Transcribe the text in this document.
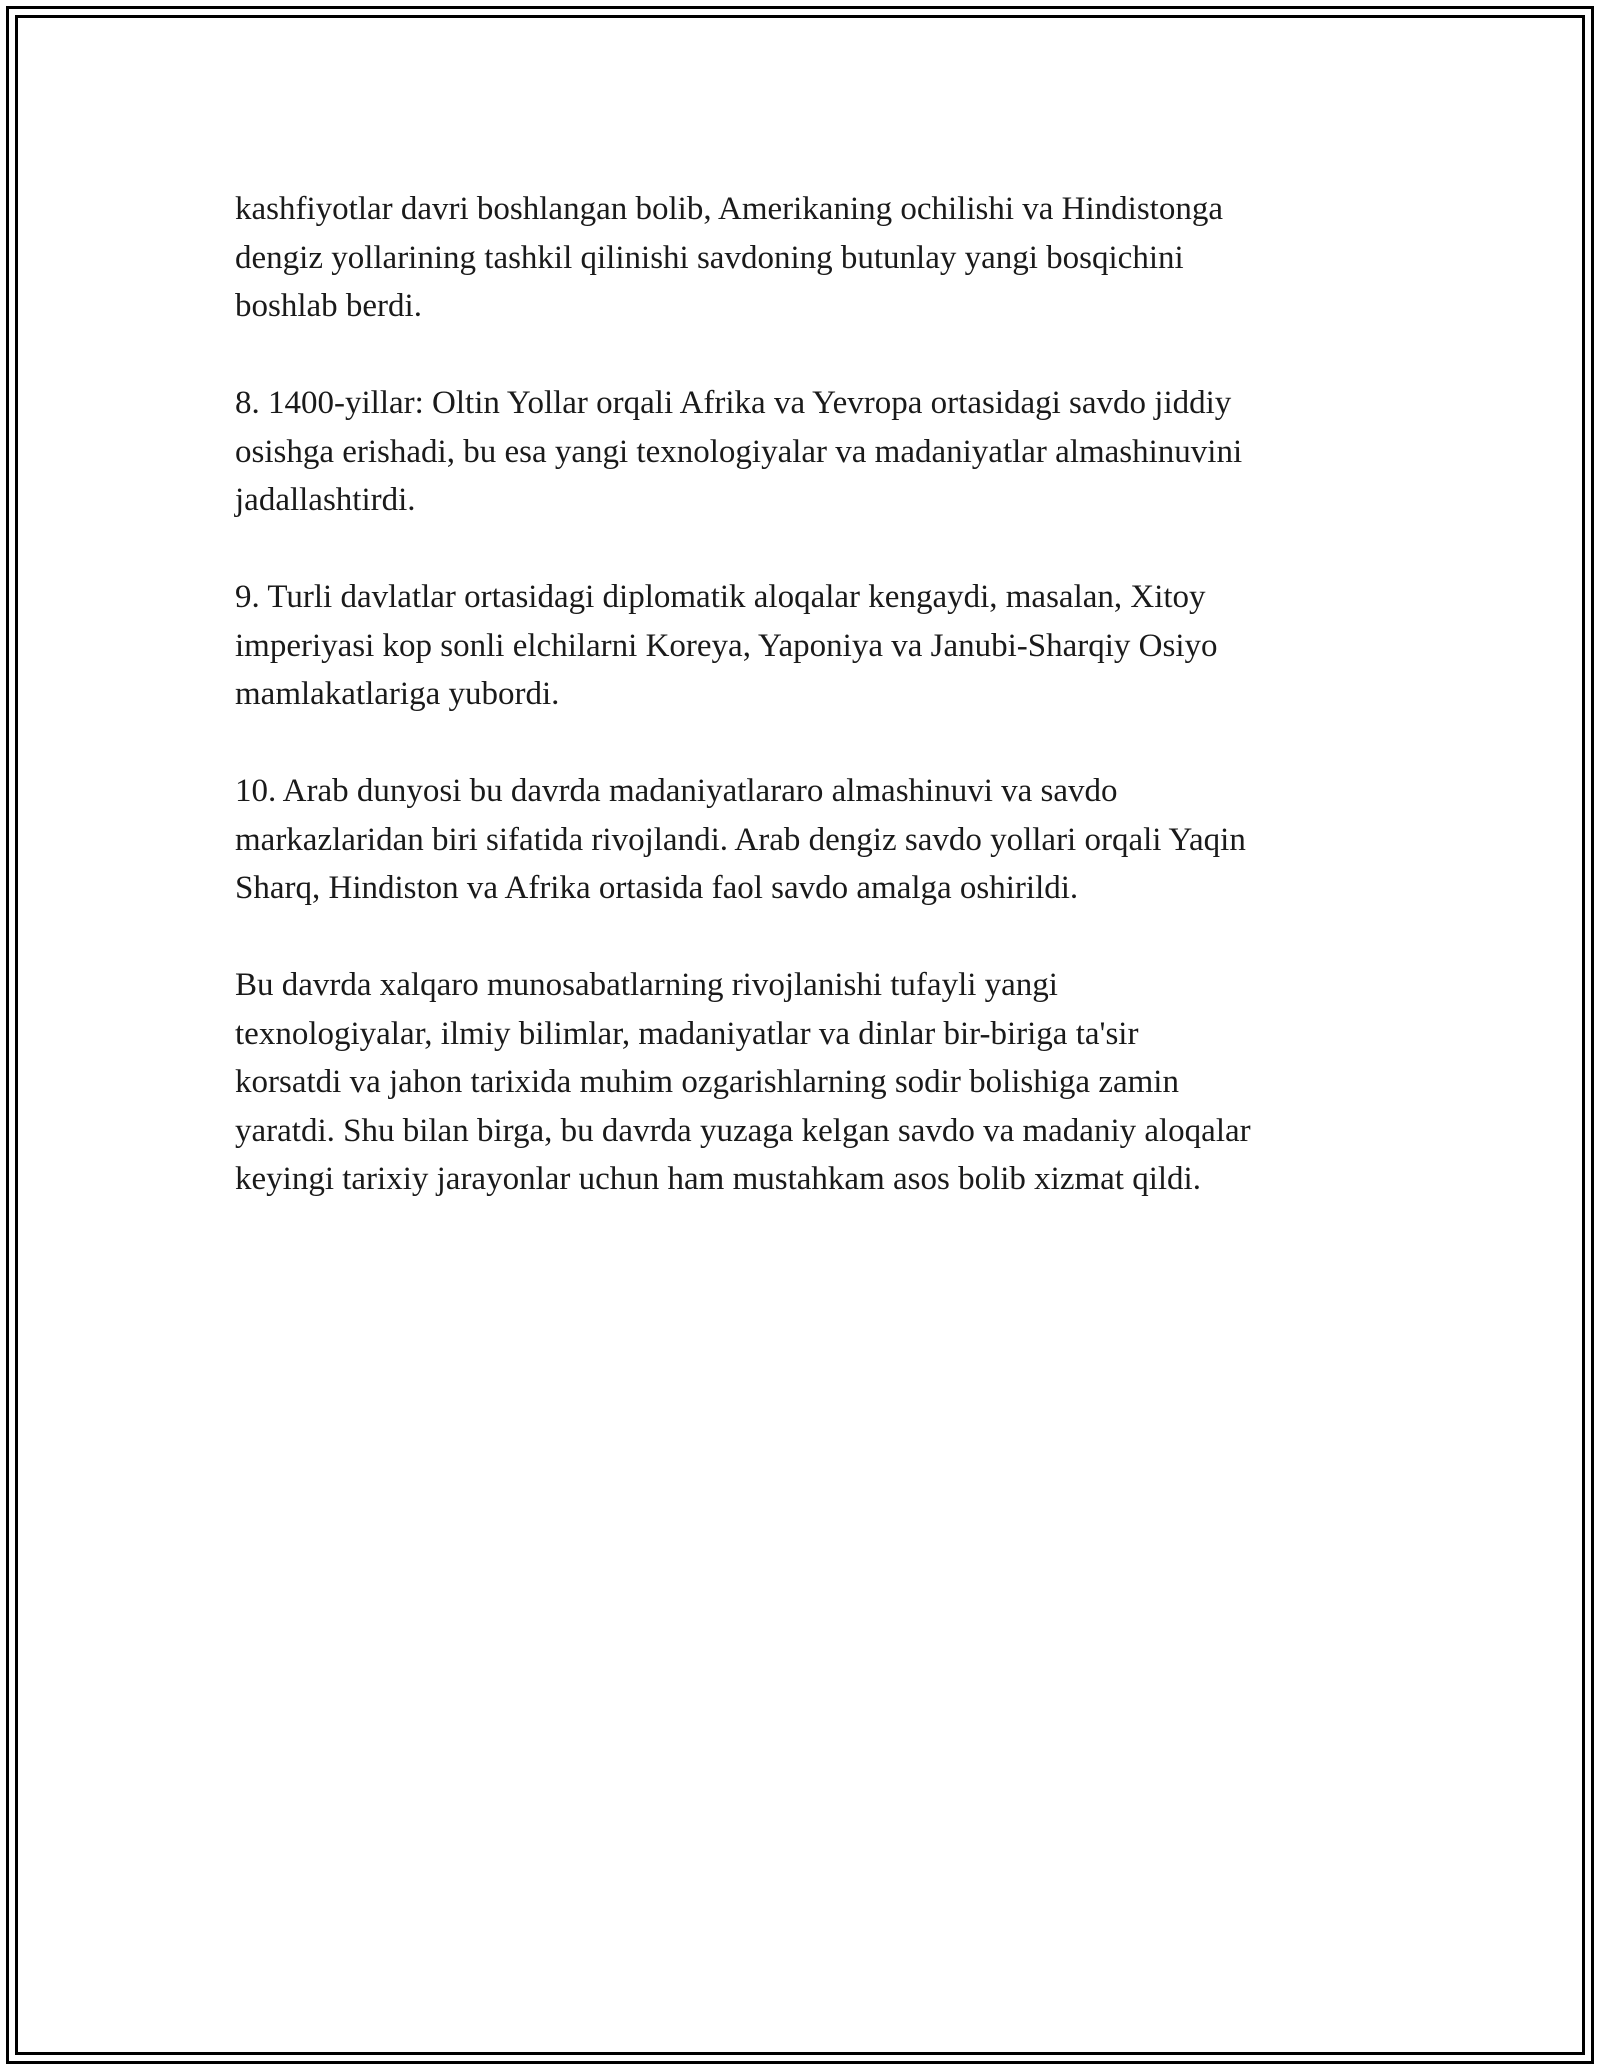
kashfiyotlar davri boshlangan bolib, Amerikaning ochilishi va Hindistonga
dengiz yollarining tashkil qilinishi savdoning butunlay yangi bosqichini
boshlab berdi.

8. 1400-yillar: Oltin Yollar orqali Afrika va Yevropa ortasidagi savdo jiddiy
osishga erishadi, bu esa yangi texnologiyalar va madaniyatlar almashinuvini
jadallashtirdi.

9. Turli davlatlar ortasidagi diplomatik aloqalar kengaydi, masalan, Xitoy
imperiyasi kop sonli elchilarni Koreya, Yaponiya va Janubi-Sharqiy Osiyo
mamlakatlariga yubordi.

10. Arab dunyosi bu davrda madaniyatlararo almashinuvi va savdo
markazlaridan biri sifatida rivojlandi. Arab dengiz savdo yollari orqali Yaqin
Sharq, Hindiston va Afrika ortasida faol savdo amalga oshirildi.

Bu davrda xalqaro munosabatlarning rivojlanishi tufayli yangi
texnologiyalar, ilmiy bilimlar, madaniyatlar va dinlar bir-biriga ta'sir
korsatdi va jahon tarixida muhim ozgarishlarning sodir bolishiga zamin
yaratdi. Shu bilan birga, bu davrda yuzaga kelgan savdo va madaniy aloqalar
keyingi tarixiy jarayonlar uchun ham mustahkam asos bolib xizmat qildi.
